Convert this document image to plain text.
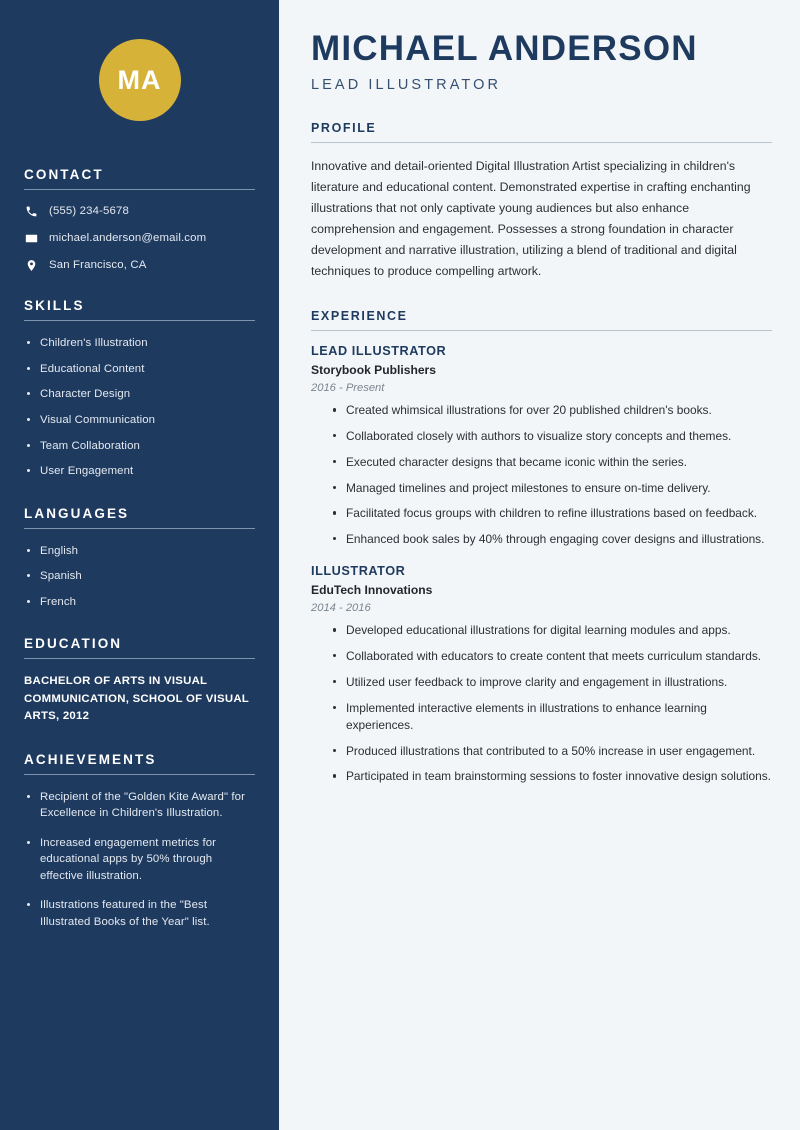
MA
CONTACT
(555) 234-5678
michael.anderson@email.com
San Francisco, CA
SKILLS
Children's Illustration
Educational Content
Character Design
Visual Communication
Team Collaboration
User Engagement
LANGUAGES
English
Spanish
French
EDUCATION
BACHELOR OF ARTS IN VISUAL COMMUNICATION, SCHOOL OF VISUAL ARTS, 2012
ACHIEVEMENTS
Recipient of the "Golden Kite Award" for Excellence in Children's Illustration.
Increased engagement metrics for educational apps by 50% through effective illustration.
Illustrations featured in the "Best Illustrated Books of the Year" list.
MICHAEL ANDERSON
LEAD ILLUSTRATOR
PROFILE

Innovative and detail-oriented Digital Illustration Artist specializing in children's literature and educational content. Demonstrated expertise in crafting enchanting illustrations that not only captivate young audiences but also enhance comprehension and engagement. Possesses a strong foundation in character development and narrative illustration, utilizing a blend of traditional and digital techniques to produce compelling artwork.

EXPERIENCE
LEAD ILLUSTRATOR
Storybook Publishers
2016 - Present
Created whimsical illustrations for over 20 published children's books.
Collaborated closely with authors to visualize story concepts and themes.
Executed character designs that became iconic within the series.
Managed timelines and project milestones to ensure on-time delivery.
Facilitated focus groups with children to refine illustrations based on feedback.
Enhanced book sales by 40% through engaging cover designs and illustrations.
ILLUSTRATOR
EduTech Innovations
2014 - 2016
Developed educational illustrations for digital learning modules and apps.
Collaborated with educators to create content that meets curriculum standards.
Utilized user feedback to improve clarity and engagement in illustrations.
Implemented interactive elements in illustrations to enhance learning experiences.
Produced illustrations that contributed to a 50% increase in user engagement.
Participated in team brainstorming sessions to foster innovative design solutions.
